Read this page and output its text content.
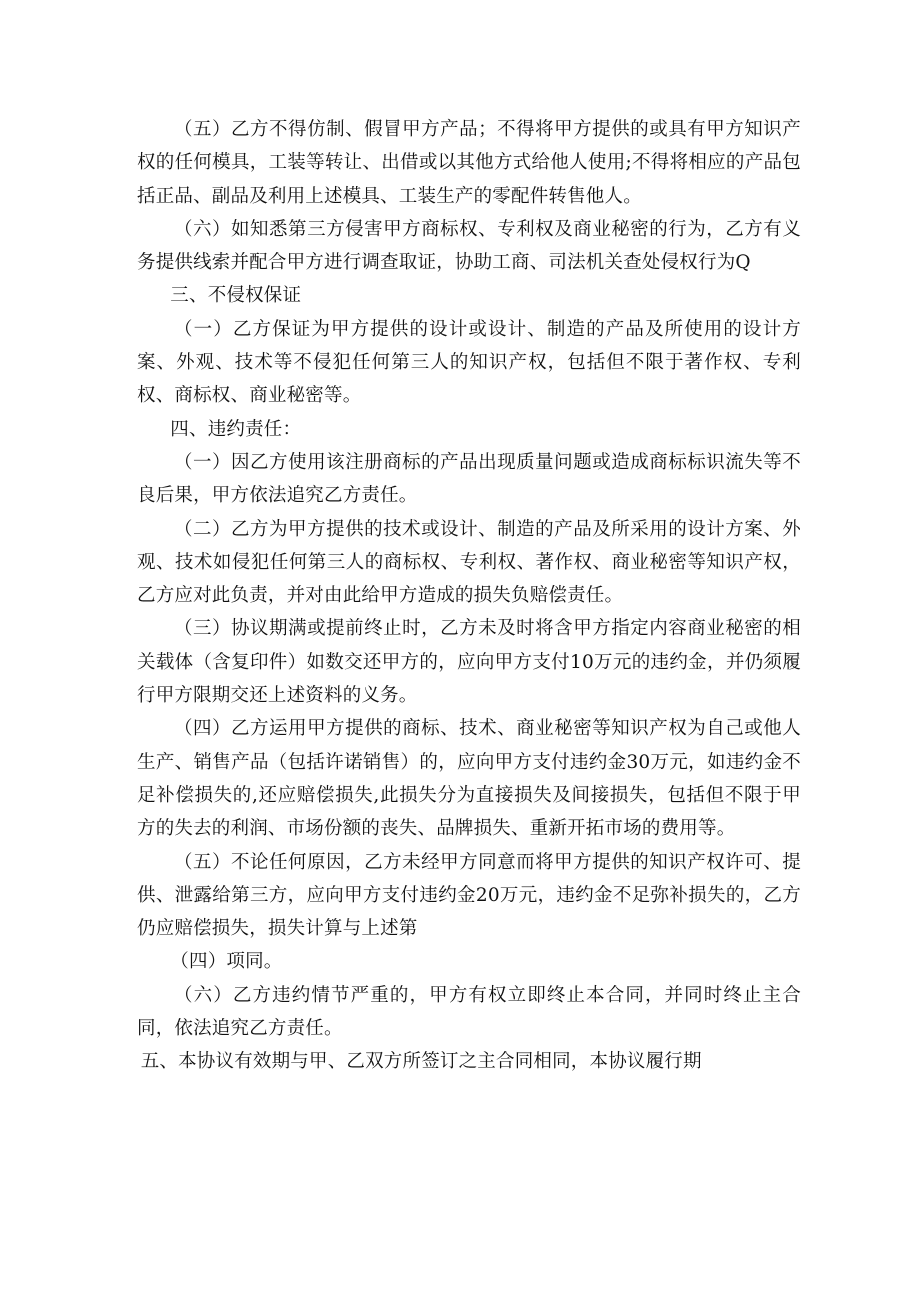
（五）乙方不得仿制、假冒甲方产品；不得将甲方提供的或具有甲方知识产权的任何模具，工装等转让、出借或以其他方式给他人使用;不得将相应的产品包括正品、副品及利用上述模具、工装生产的零配件转售他人。

（六）如知悉第三方侵害甲方商标权、专利权及商业秘密的行为，乙方有义务提供线索并配合甲方进行调查取证，协助工商、司法机关查处侵权行为Q

三、不侵权保证

（一）乙方保证为甲方提供的设计或设计、制造的产品及所使用的设计方案、外观、技术等不侵犯任何第三人的知识产权，包括但不限于著作权、专利权、商标权、商业秘密等。

四、违约责任：

（一）因乙方使用该注册商标的产品出现质量问题或造成商标标识流失等不良后果，甲方依法追究乙方责任。

（二）乙方为甲方提供的技术或设计、制造的产品及所采用的设计方案、外观、技术如侵犯任何第三人的商标权、专利权、著作权、商业秘密等知识产权，乙方应对此负责，并对由此给甲方造成的损失负赔偿责任。

（三）协议期满或提前终止时，乙方未及时将含甲方指定内容商业秘密的相关载体（含复印件）如数交还甲方的，应向甲方支付10万元的违约金，并仍须履行甲方限期交还上述资料的义务。

（四）乙方运用甲方提供的商标、技术、商业秘密等知识产权为自己或他人生产、销售产品（包括许诺销售）的，应向甲方支付违约金30万元，如违约金不足补偿损失的,还应赔偿损失,此损失分为直接损失及间接损失，包括但不限于甲方的失去的利润、市场份额的丧失、品牌损失、重新开拓市场的费用等。

（五）不论任何原因，乙方未经甲方同意而将甲方提供的知识产权许可、提供、泄露给第三方，应向甲方支付违约金20万元，违约金不足弥补损失的，乙方仍应赔偿损失，损失计算与上述第

（四）项同。

（六）乙方违约情节严重的，甲方有权立即终止本合同，并同时终止主合同，依法追究乙方责任。

五、本协议有效期与甲、乙双方所签订之主合同相同，本协议履行期
